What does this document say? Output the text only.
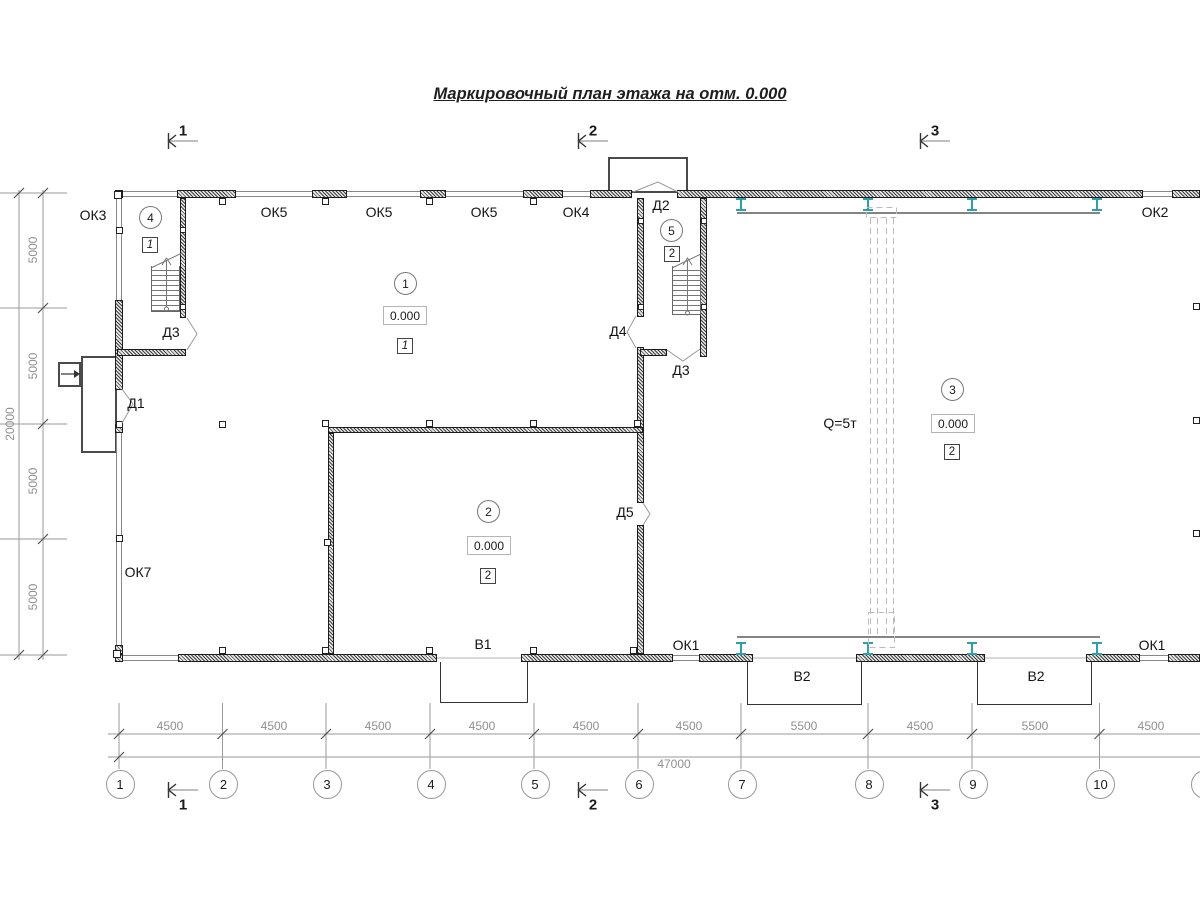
Маркировочный план этажа на отм. 0.000
1	2	3
1	2	3
ОК3	ОК5	ОК5	ОК5	ОК4	ОК2
ОК7
ОК1	ОК1
Д1
Д2
Д3	Д4
Д3
Д5
В1
В2	В2
Q=5т
1
0.000
1
2
0.000
2
3
0.000
2
4
1
5
2
4500	4500	4500	4500	4500	4500	5500	4500	5500	4500
47000
5000
5000
5000
5000
20000
1	2	3	4	5	6	7	8	9	10
